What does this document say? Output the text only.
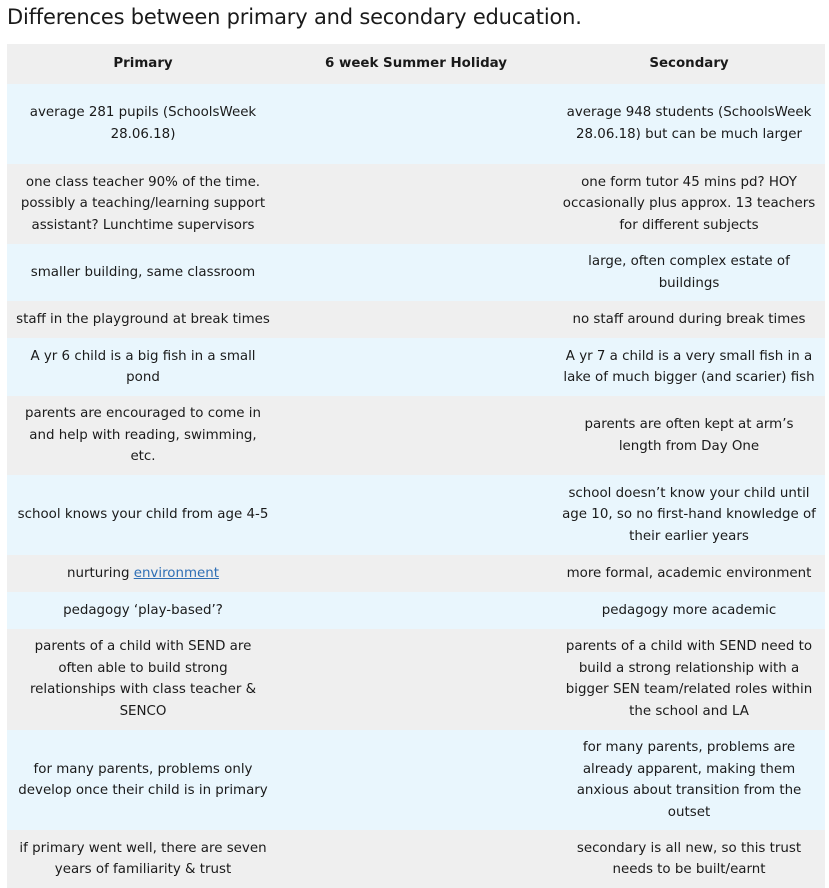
Differences between primary and secondary education.
Primary	6 week Summer Holiday	Secondary
average 281 pupils (SchoolsWeek 28.06.18)		average 948 students (SchoolsWeek 28.06.18) but can be much larger
one class teacher 90% of the time. possibly a teaching/learning support assistant? Lunchtime supervisors		one form tutor 45 mins pd? HOY occasionally plus approx. 13 teachers for different subjects
smaller building, same classroom		large, often complex estate of buildings
staff in the playground at break times		no staff around during break times
A yr 6 child is a big fish in a small pond		A yr 7 a child is a very small fish in a lake of much bigger (and scarier) fish
parents are encouraged to come in and help with reading, swimming, etc.		parents are often kept at arm’s length from Day One
school knows your child from age 4-5		school doesn’t know your child until age 10, so no first-hand knowledge of their earlier years
nurturing environment		more formal, academic environment
pedagogy ‘play-based’?		pedagogy more academic
parents of a child with SEND are often able to build strong relationships with class teacher & SENCO		parents of a child with SEND need to build a strong relationship with a bigger SEN team/related roles within the school and LA
for many parents, problems only develop once their child is in primary		for many parents, problems are already apparent, making them anxious about transition from the outset
if primary went well, there are seven years of familiarity & trust		secondary is all new, so this trust needs to be built/earnt
